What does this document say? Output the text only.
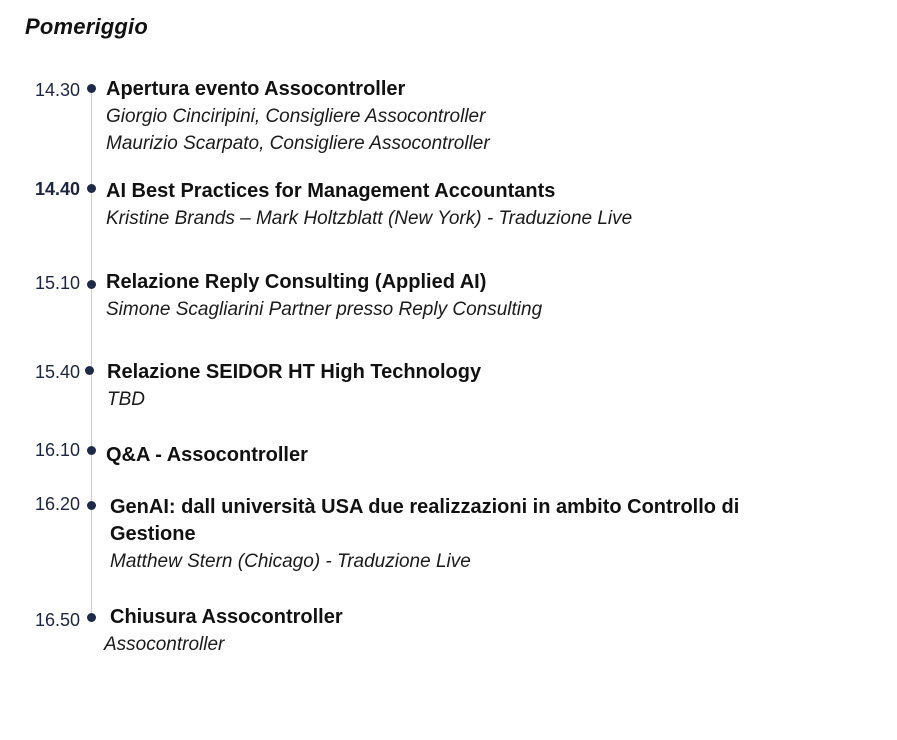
Pomeriggio
14.30 Apertura evento Assocontroller
Giorgio Cinciripini, Consigliere Assocontroller
Maurizio Scarpato, Consigliere Assocontroller
14.40 AI Best Practices for Management Accountants
Kristine Brands – Mark Holtzblatt (New York) - Traduzione Live
15.10 Relazione Reply Consulting (Applied AI)
Simone Scagliarini Partner presso Reply Consulting
15.40 Relazione SEIDOR HT High Technology
TBD
16.10 Q&A - Assocontroller
16.20 GenAI: dall università USA due realizzazioni in ambito Controllo di Gestione
Matthew Stern (Chicago) - Traduzione Live
16.50 Chiusura Assocontroller
Assocontroller
